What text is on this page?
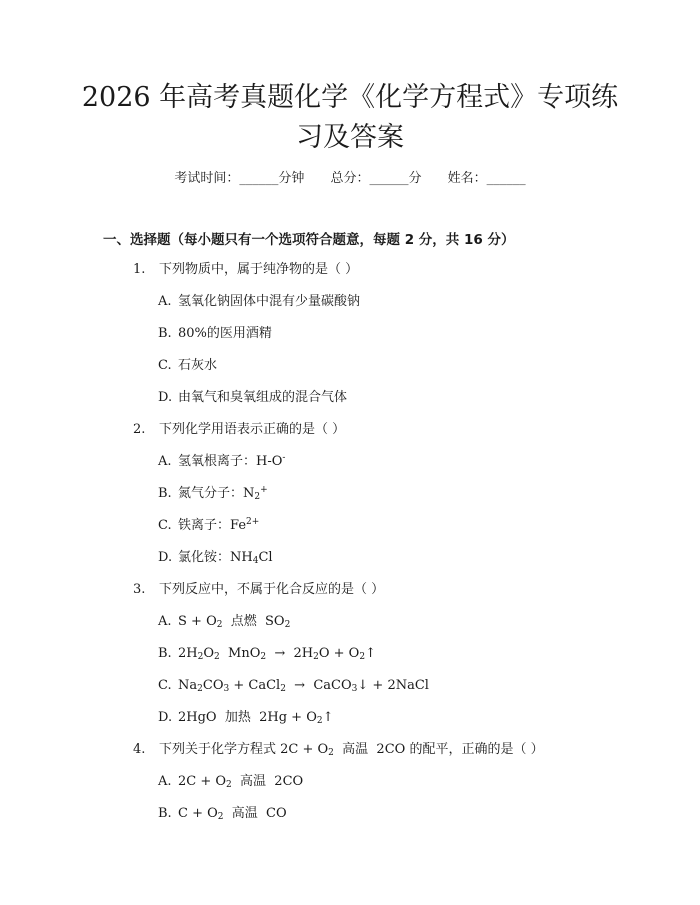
2026 年高考真题化学《化学方程式》专项练
习及答案
考试时间：______分钟 总分：______分 姓名：______
一、选择题（每小题只有一个选项符合题意，每题 2 分，共 16 分）
1. 下列物质中，属于纯净物的是（ ）
A. 氢氧化钠固体中混有少量碳酸钠
B. 80%的医用酒精
C. 石灰水
D. 由氧气和臭氧组成的混合气体
2. 下列化学用语表示正确的是（ ）
A. 氢氧根离子：H-O-
B. 氮气分子：$N_2^+$
C. 铁离子：$Fe^{2+}$
D. 氯化铵：$NH_4Cl$
3. 下列反应中，不属于化合反应的是（ ）
A. $S + O_2$  点燃  $SO_2$
B. $2H_2O_2$  $MnO_2 \to 2H_2O$ + $O_2↑$
C. $Na_2CO_3$ + CaCl$_2$  →  CaCO$_3$↓ + 2NaCl
D. 2HgO  加热  $2Hg + O_2↑$
4. 下列关于化学方程式 $2C + O_2$  高温  2CO 的配平，正确的是（ ）
A. $2C + O_2$  高温  2CO
B. $C + O_2$  高温  CO
